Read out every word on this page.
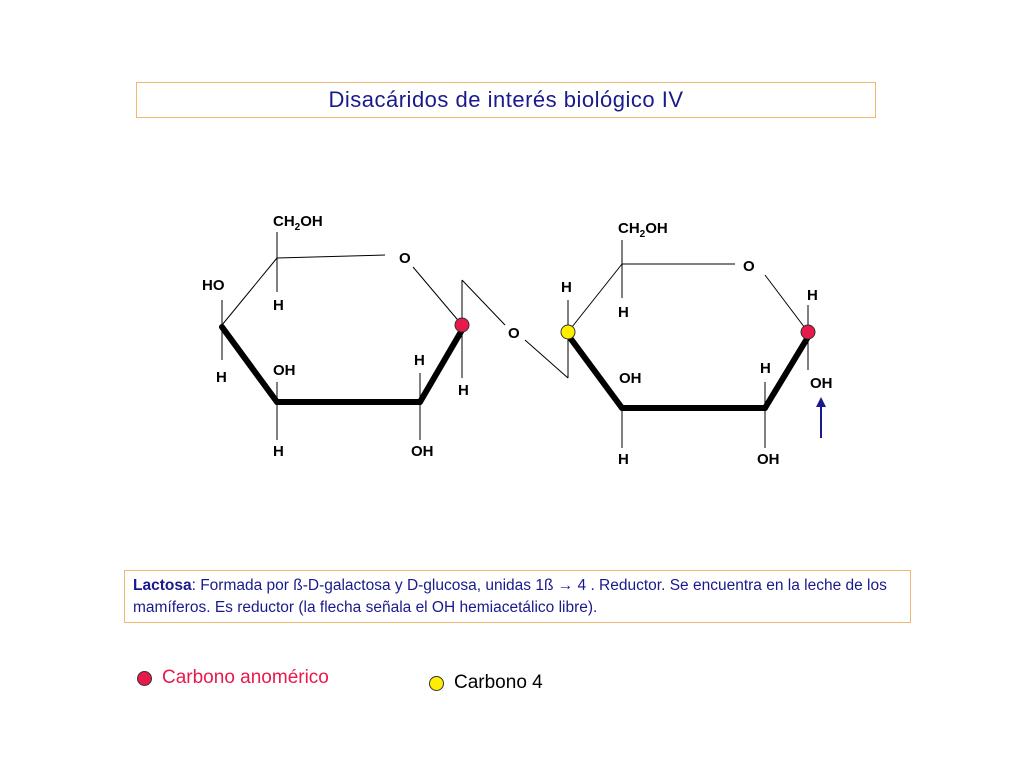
Disacáridos de interés biológico IV
$CH_2OH$
O
HO
H
H	OH
H
H
OH
H
O
$CH_2OH$
O
H
H
OH
H
H
OH
H
OH
Lactosa: Formada por ß-D-galactosa y D-glucosa, unidas 1ß → 4 . Reductor. Se encuentra en la leche de los mamíferos. Es reductor (la flecha señala el OH hemiacetálico libre).
Carbono anomérico	Carbono 4
